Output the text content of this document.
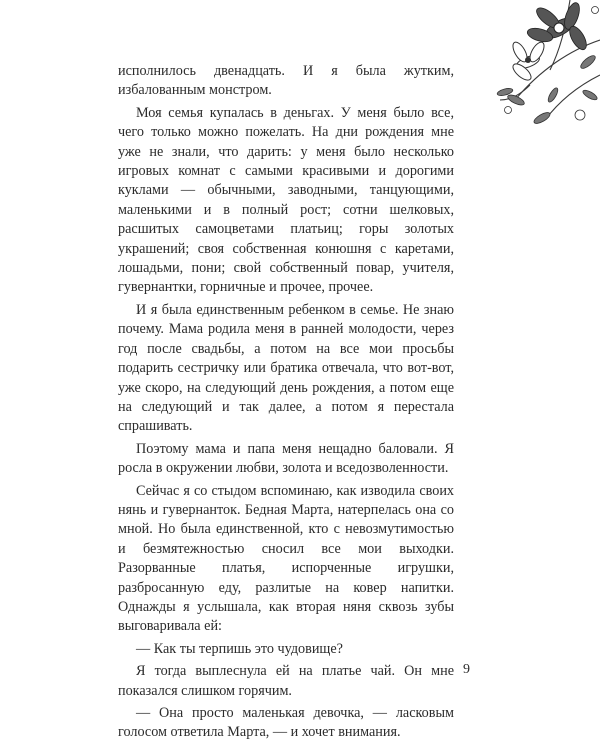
исполнилось двенадцать. И я была жутким, избалованным монстром.

Моя семья купалась в деньгах. У меня было все, чего только можно пожелать. На дни рождения мне уже не знали, что дарить: у меня было несколько игровых комнат с самыми красивыми и дорогими куклами — обычными, заводными, танцующими, маленькими и в полный рост; сотни шелковых, расшитых самоцветами платьиц; горы золотых украшений; своя собственная конюшня с каретами, лошадьми, пони; свой собственный повар, учителя, гувернантки, горничные и прочее, прочее.

И я была единственным ребенком в семье. Не знаю почему. Мама родила меня в ранней молодости, через год после свадьбы, а потом на все мои просьбы подарить сестричку или братика отвечала, что вот-вот, уже скоро, на следующий день рождения, а потом еще на следующий и так далее, а потом я перестала спрашивать.

Поэтому мама и папа меня нещадно баловали. Я росла в окружении любви, золота и вседозволенности.

Сейчас я со стыдом вспоминаю, как изводила своих нянь и гувернанток. Бедная Марта, натерпелась она со мной. Но была единственной, кто с невозмутимостью и безмятежностью сносил все мои выходки. Разорванные платья, испорченные игрушки, разбросанную еду, разлитые на ковер напитки. Однажды я услышала, как вторая няня сквозь зубы выговаривала ей:

— Как ты терпишь это чудовище?

Я тогда выплеснула ей на платье чай. Он мне показался слишком горячим.

— Она просто маленькая девочка, — ласковым голосом ответила Марта, — и хочет внимания.

9
